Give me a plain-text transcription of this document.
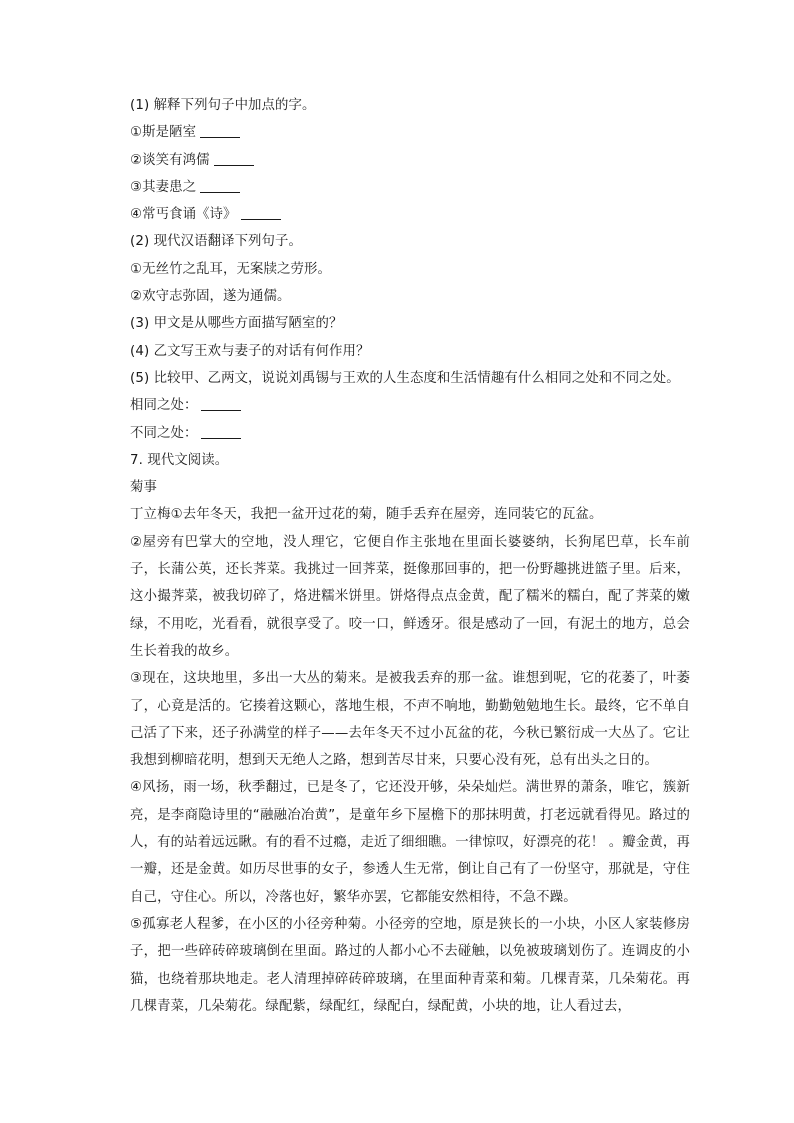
(1) 解释下列句子中加点的字。
①斯是陋室
②谈笑有鸿儒
③其妻患之
④常丐食诵《诗》
(2) 现代汉语翻译下列句子。
①无丝竹之乱耳，无案牍之劳形。
②欢守志弥固，遂为通儒。
(3) 甲文是从哪些方面描写陋室的？
(4) 乙文写王欢与妻子的对话有何作用？
(5) 比较甲、乙两文，说说刘禹锡与王欢的人生态度和生活情趣有什么相同之处和不同之处。
相同之处：
不同之处：
7. 现代文阅读。
菊事
丁立梅①去年冬天，我把一盆开过花的菊，随手丢弃在屋旁，连同装它的瓦盆。
②屋旁有巴掌大的空地，没人理它，它便自作主张地在里面长婆婆纳，长狗尾巴草，长车前子，长蒲公英，还长荠菜。我挑过一回荠菜，挺像那回事的，把一份野趣挑进篮子里。后来，这小撮荠菜，被我切碎了，烙进糯米饼里。饼烙得点点金黄，配了糯米的糯白，配了荠菜的嫩绿，不用吃，光看看，就很享受了。咬一口，鲜透牙。很是感动了一回，有泥土的地方，总会生长着我的故乡。
③现在，这块地里，多出一大丛的菊来。是被我丢弃的那一盆。谁想到呢，它的花萎了，叶萎了，心竟是活的。它揍着这颗心，落地生根，不声不响地，勤勤勉勉地生长。最终，它不单自己活了下来，还子孙满堂的样子——去年冬天不过小瓦盆的花，今秋已繁衍成一大丛了。它让我想到柳暗花明，想到天无绝人之路，想到苦尽甘来，只要心没有死，总有出头之日的。
④风扬，雨一场，秋季翻过，已是冬了，它还没开够，朵朵灿烂。满世界的萧条，唯它，簇新亮，是李商隐诗里的“融融冶冶黄”，是童年乡下屋檐下的那抹明黄，打老远就看得见。路过的人，有的站着远远瞅。有的看不过瘾，走近了细细瞧。一律惊叹，好漂亮的花！ 。瓣金黄，再一瓣，还是金黄。如历尽世事的女子，参透人生无常，倒让自己有了一份坚守，那就是，守住自己，守住心。所以，冷落也好，繁华亦罢，它都能安然相待，不急不躁。
⑤孤寡老人程爹，在小区的小径旁种菊。小径旁的空地，原是狭长的一小块，小区人家装修房子，把一些碎砖碎玻璃倒在里面。路过的人都小心不去碰触，以免被玻璃划伤了。连调皮的小猫，也绕着那块地走。老人清理掉碎砖碎玻璃，在里面种青菜和菊。几棵青菜，几朵菊花。再几棵青菜，几朵菊花。绿配紫，绿配红，绿配白，绿配黄，小块的地，让人看过去，
